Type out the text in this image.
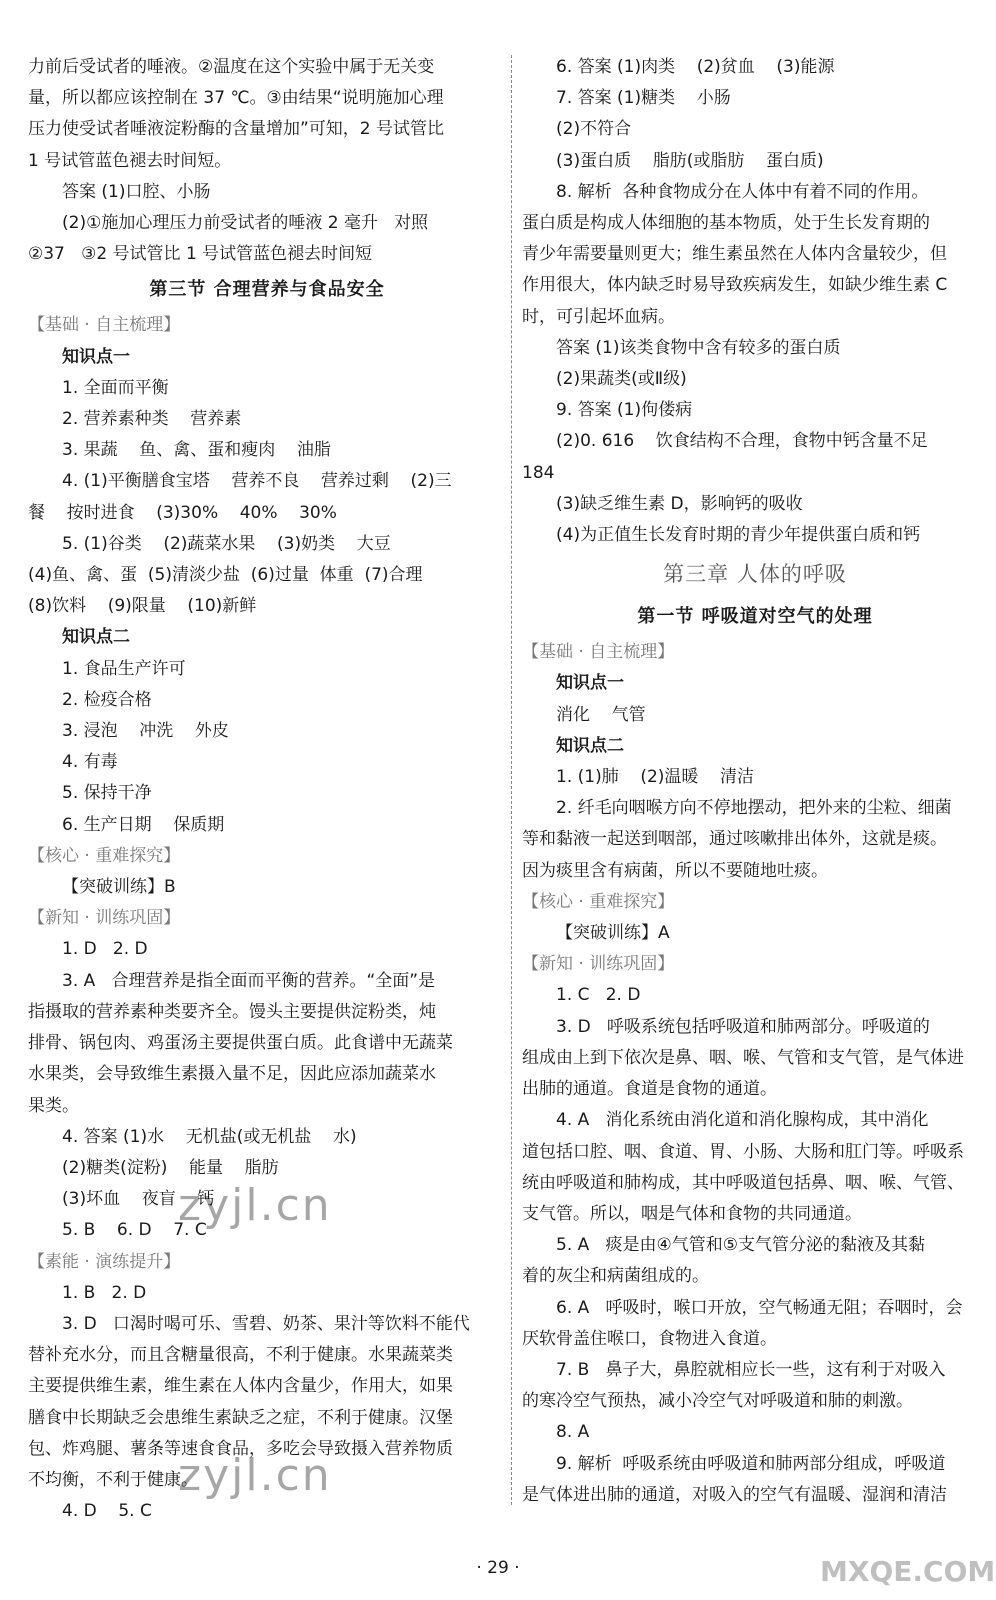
力前后受试者的唾液。②温度在这个实验中属于无关变
量，所以都应该控制在 37 ℃。③由结果“说明施加心理
压力使受试者唾液淀粉酶的含量增加”可知，2 号试管比
1 号试管蓝色褪去时间短。
答案 (1)口腔、小肠
(2)①施加心理压力前受试者的唾液 2 毫升   对照
②37   ③2 号试管比 1 号试管蓝色褪去时间短
第三节 合理营养与食品安全
【基础 · 自主梳理】
知识点一
1. 全面而平衡
2. 营养素种类    营养素
3. 果蔬    鱼、禽、蛋和瘦肉    油脂
4. (1)平衡膳食宝塔    营养不良    营养过剩    (2)三
餐    按时进食    (3)30%    40%    30%
5. (1)谷类    (2)蔬菜水果    (3)奶类    大豆
(4)鱼、禽、蛋  (5)清淡少盐  (6)过量  体重  (7)合理
(8)饮料    (9)限量    (10)新鲜
知识点二
1. 食品生产许可
2. 检疫合格
3. 浸泡    冲洗    外皮
4. 有毒
5. 保持干净
6. 生产日期    保质期
【核心 · 重难探究】
【突破训练】B
【新知 · 训练巩固】
1. D   2. D
3. A   合理营养是指全面而平衡的营养。“全面”是
指摄取的营养素种类要齐全。馒头主要提供淀粉类，炖
排骨、锅包肉、鸡蛋汤主要提供蛋白质。此食谱中无蔬菜
水果类，会导致维生素摄入量不足，因此应添加蔬菜水
果类。
4. 答案 (1)水    无机盐(或无机盐    水)
(2)糖类(淀粉)    能量    脂肪
(3)坏血    夜盲    钙
5. B    6. D    7. C
【素能 · 演练提升】
1. B   2. D
3. D   口渴时喝可乐、雪碧、奶茶、果汁等饮料不能代
替补充水分，而且含糖量很高，不利于健康。水果蔬菜类
主要提供维生素，维生素在人体内含量少，作用大，如果
膳食中长期缺乏会患维生素缺乏之症，不利于健康。汉堡
包、炸鸡腿、薯条等速食食品，多吃会导致摄入营养物质
不均衡，不利于健康。
4. D    5. C
6. 答案 (1)肉类    (2)贫血    (3)能源
7. 答案 (1)糖类    小肠
(2)不符合
(3)蛋白质    脂肪(或脂肪    蛋白质)
8. 解析  各种食物成分在人体中有着不同的作用。
蛋白质是构成人体细胞的基本物质，处于生长发育期的
青少年需要量则更大；维生素虽然在人体内含量较少，但
作用很大，体内缺乏时易导致疾病发生，如缺少维生素 C
时，可引起坏血病。
答案 (1)该类食物中含有较多的蛋白质
(2)果蔬类(或Ⅱ级)
9. 答案 (1)佝偻病
(2)0. 616    饮食结构不合理，食物中钙含量不足
184
(3)缺乏维生素 D，影响钙的吸收
(4)为正值生长发育时期的青少年提供蛋白质和钙
第三章 人体的呼吸
第一节 呼吸道对空气的处理
【基础 · 自主梳理】
知识点一
消化    气管
知识点二
1. (1)肺    (2)温暖    清洁
2. 纤毛向咽喉方向不停地摆动，把外来的尘粒、细菌
等和黏液一起送到咽部，通过咳嗽排出体外，这就是痰。
因为痰里含有病菌，所以不要随地吐痰。
【核心 · 重难探究】
【突破训练】A
【新知 · 训练巩固】
1. C   2. D
3. D   呼吸系统包括呼吸道和肺两部分。呼吸道的
组成由上到下依次是鼻、咽、喉、气管和支气管，是气体进
出肺的通道。食道是食物的通道。
4. A   消化系统由消化道和消化腺构成，其中消化
道包括口腔、咽、食道、胃、小肠、大肠和肛门等。呼吸系
统由呼吸道和肺构成，其中呼吸道包括鼻、咽、喉、气管、
支气管。所以，咽是气体和食物的共同通道。
5. A   痰是由④气管和⑤支气管分泌的黏液及其黏
着的灰尘和病菌组成的。
6. A   呼吸时，喉口开放，空气畅通无阻；吞咽时，会
厌软骨盖住喉口，食物进入食道。
7. B   鼻子大，鼻腔就相应长一些，这有利于对吸入
的寒冷空气预热，减小冷空气对呼吸道和肺的刺激。
8. A
9. 解析  呼吸系统由呼吸道和肺两部分组成，呼吸道
是气体进出肺的通道，对吸入的空气有温暖、湿润和清洁
zyjl.cn
zyjl.cn
MXQE.COM
· 29 ·
